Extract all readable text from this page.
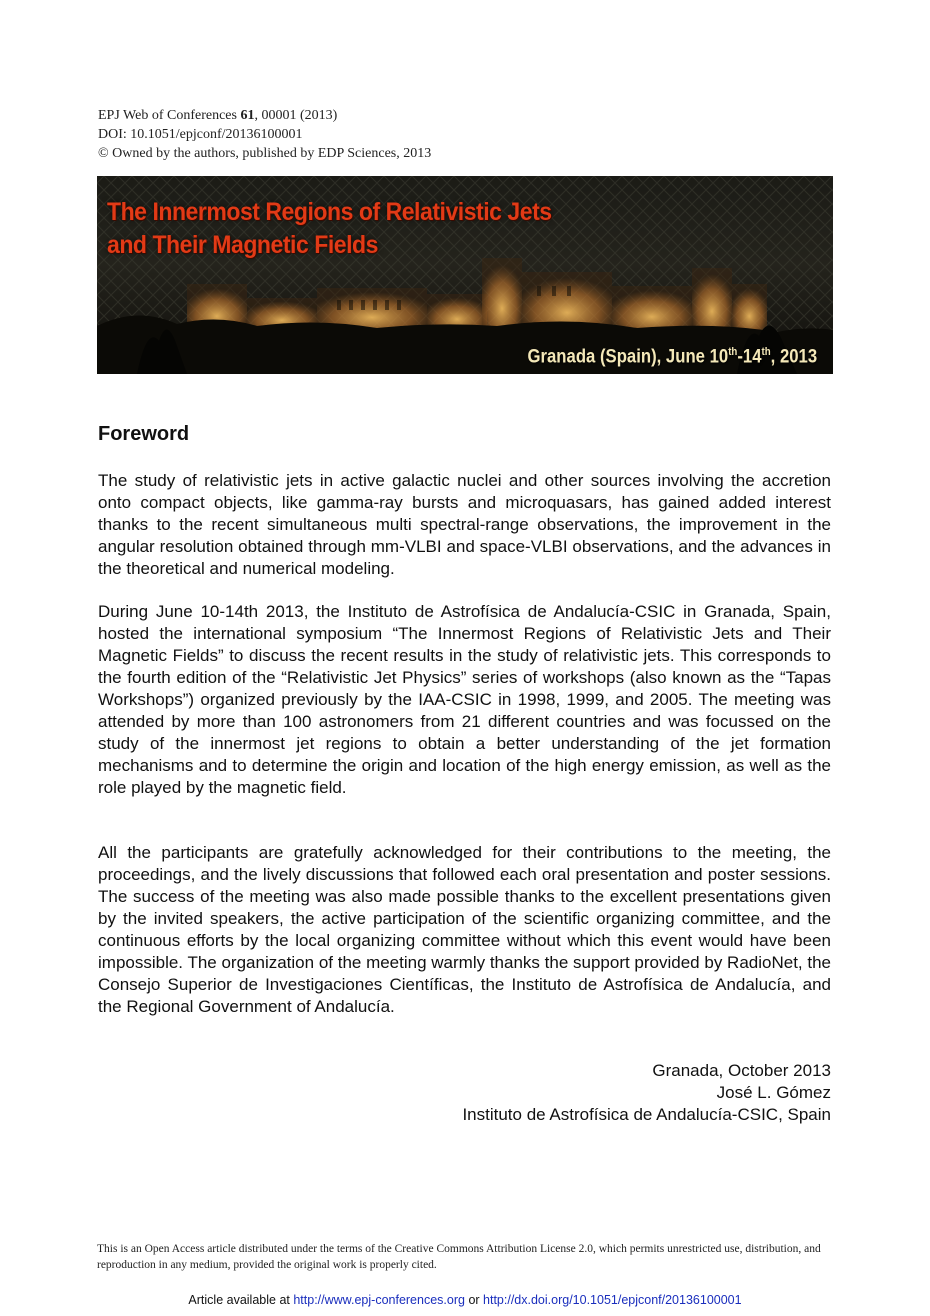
EPJ Web of Conferences 61, 00001 (2013)
DOI: 10.1051/epjconf/20136100001
© Owned by the authors, published by EDP Sciences, 2013
The Innermost Regions of Relativistic Jets
and Their Magnetic Fields
Granada (Spain), June 10th-14th, 2013
Foreword

The study of relativistic jets in active galactic nuclei and other sources involving the accretion onto compact objects, like gamma-ray bursts and microquasars, has gained added interest thanks to the recent simultaneous multi spectral-range observations, the improvement in the angular resolution obtained through mm-VLBI and space-VLBI observations, and the advances in the theoretical and numerical modeling.

During June 10-14th 2013, the Instituto de Astrofísica de Andalucía-CSIC in Granada, Spain, hosted the international symposium “The Innermost Regions of Relativistic Jets and Their Magnetic Fields” to discuss the recent results in the study of relativistic jets. This corresponds to the fourth edition of the “Relativistic Jet Physics” series of workshops (also known as the “Tapas Workshops”) organized previously by the IAA-CSIC in 1998, 1999, and 2005. The meeting was attended by more than 100 astronomers from 21 different countries and was focussed on the study of the innermost jet regions to obtain a better understanding of the jet formation mechanisms and to determine the origin and location of the high energy emission, as well as the role played by the magnetic field.

All the participants are gratefully acknowledged for their contributions to the meeting, the proceedings, and the lively discussions that followed each oral presentation and poster sessions. The success of the meeting was also made possible thanks to the excellent presentations given by the invited speakers, the active participation of the scientific organizing committee, and the continuous efforts by the local organizing committee without which this event would have been impossible. The organization of the meeting warmly thanks the support provided by RadioNet, the Consejo Superior de Investigaciones Científicas, the Instituto de Astrofísica de Andalucía, and the Regional Government of Andalucía.

Granada, October 2013
José L. Gómez
Instituto de Astrofísica de Andalucía-CSIC, Spain
This is an Open Access article distributed under the terms of the Creative Commons Attribution License 2.0, which permits unrestricted use, distribution, and reproduction in any medium, provided the original work is properly cited.
Article available at http://www.epj-conferences.org or http://dx.doi.org/10.1051/epjconf/20136100001
